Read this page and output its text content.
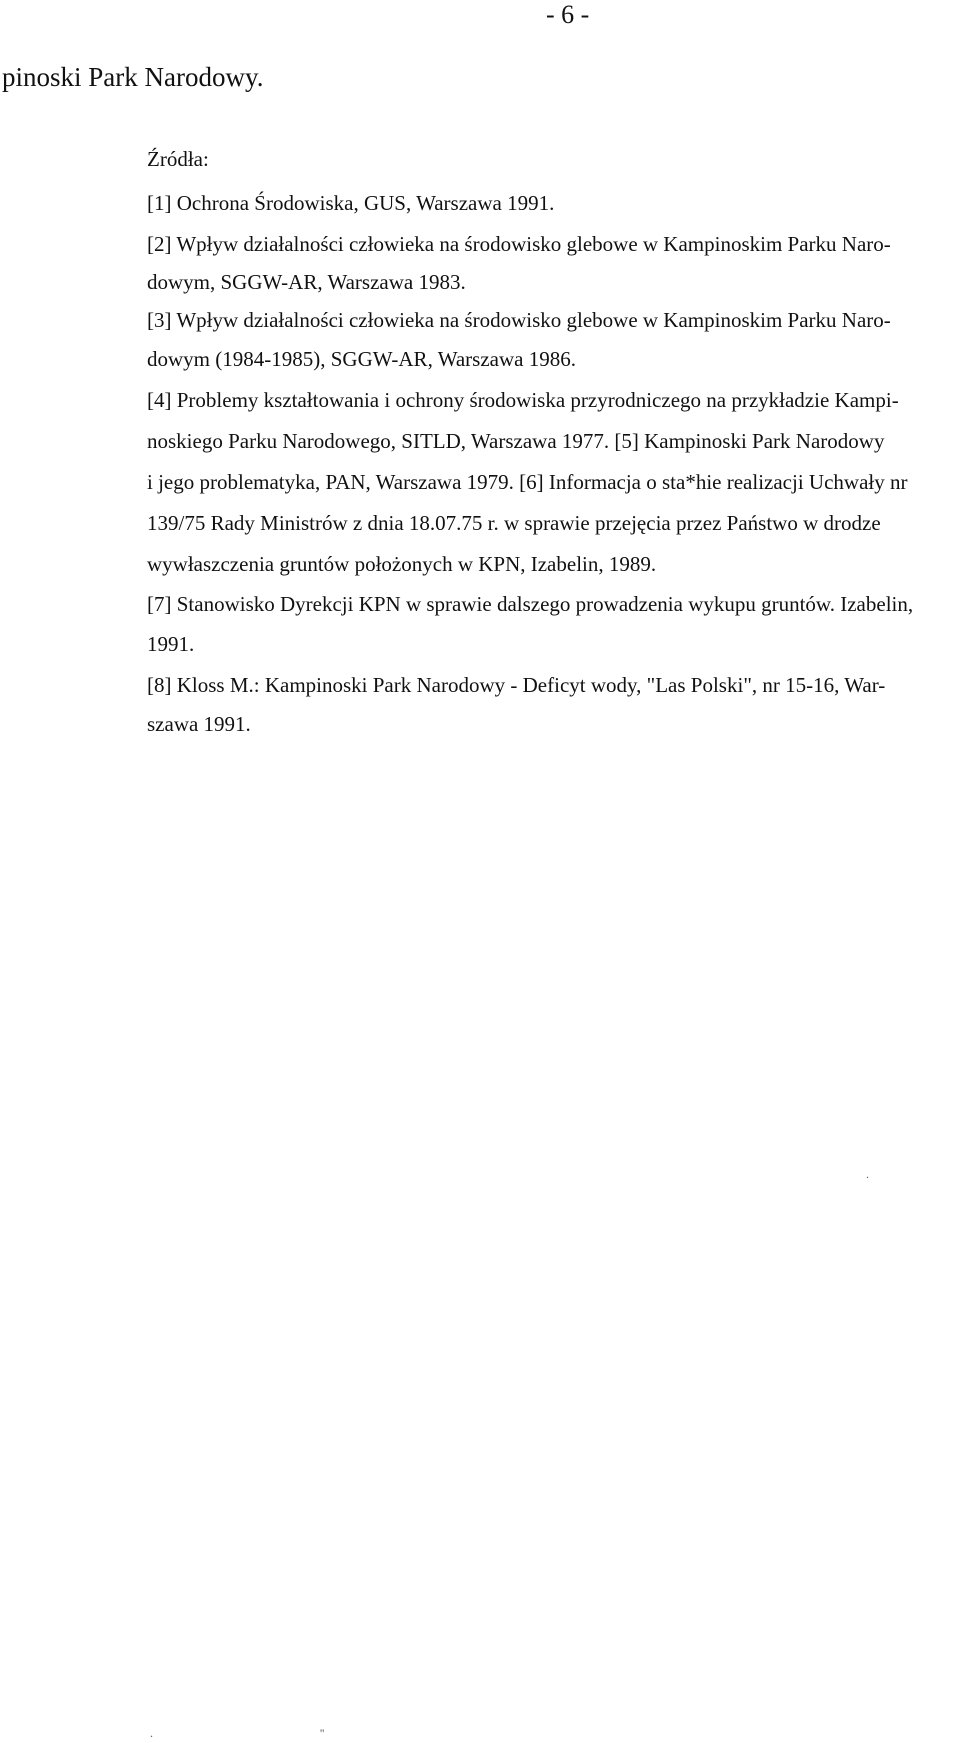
- 6 -
pinoski Park Narodowy.
Źródła:
[1] Ochrona Środowiska, GUS, Warszawa 1991.
[2] Wpływ działalności człowieka na środowisko glebowe w Kampinoskim Parku Naro-
dowym, SGGW-AR, Warszawa 1983.
[3] Wpływ działalności człowieka na środowisko glebowe w Kampinoskim Parku Naro-
dowym (1984-1985), SGGW-AR, Warszawa 1986.
[4] Problemy kształtowania i ochrony środowiska przyrodniczego na przykładzie Kampi-
noskiego Parku Narodowego, SITLD, Warszawa 1977. [5] Kampinoski Park Narodowy
i jego problematyka, PAN, Warszawa 1979. [6] Informacja o sta*hie realizacji Uchwały nr
139/75 Rady Ministrów z dnia 18.07.75 r. w sprawie przejęcia przez Państwo w drodze
wywłaszczenia gruntów położonych w KPN, Izabelin, 1989.
[7] Stanowisko Dyrekcji KPN w sprawie dalszego prowadzenia wykupu gruntów. Izabelin,
1991.
[8] Kloss M.: Kampinoski Park Narodowy - Deficyt wody, "Las Polski", nr 15-16, War-
szawa 1991.
.
.	''
